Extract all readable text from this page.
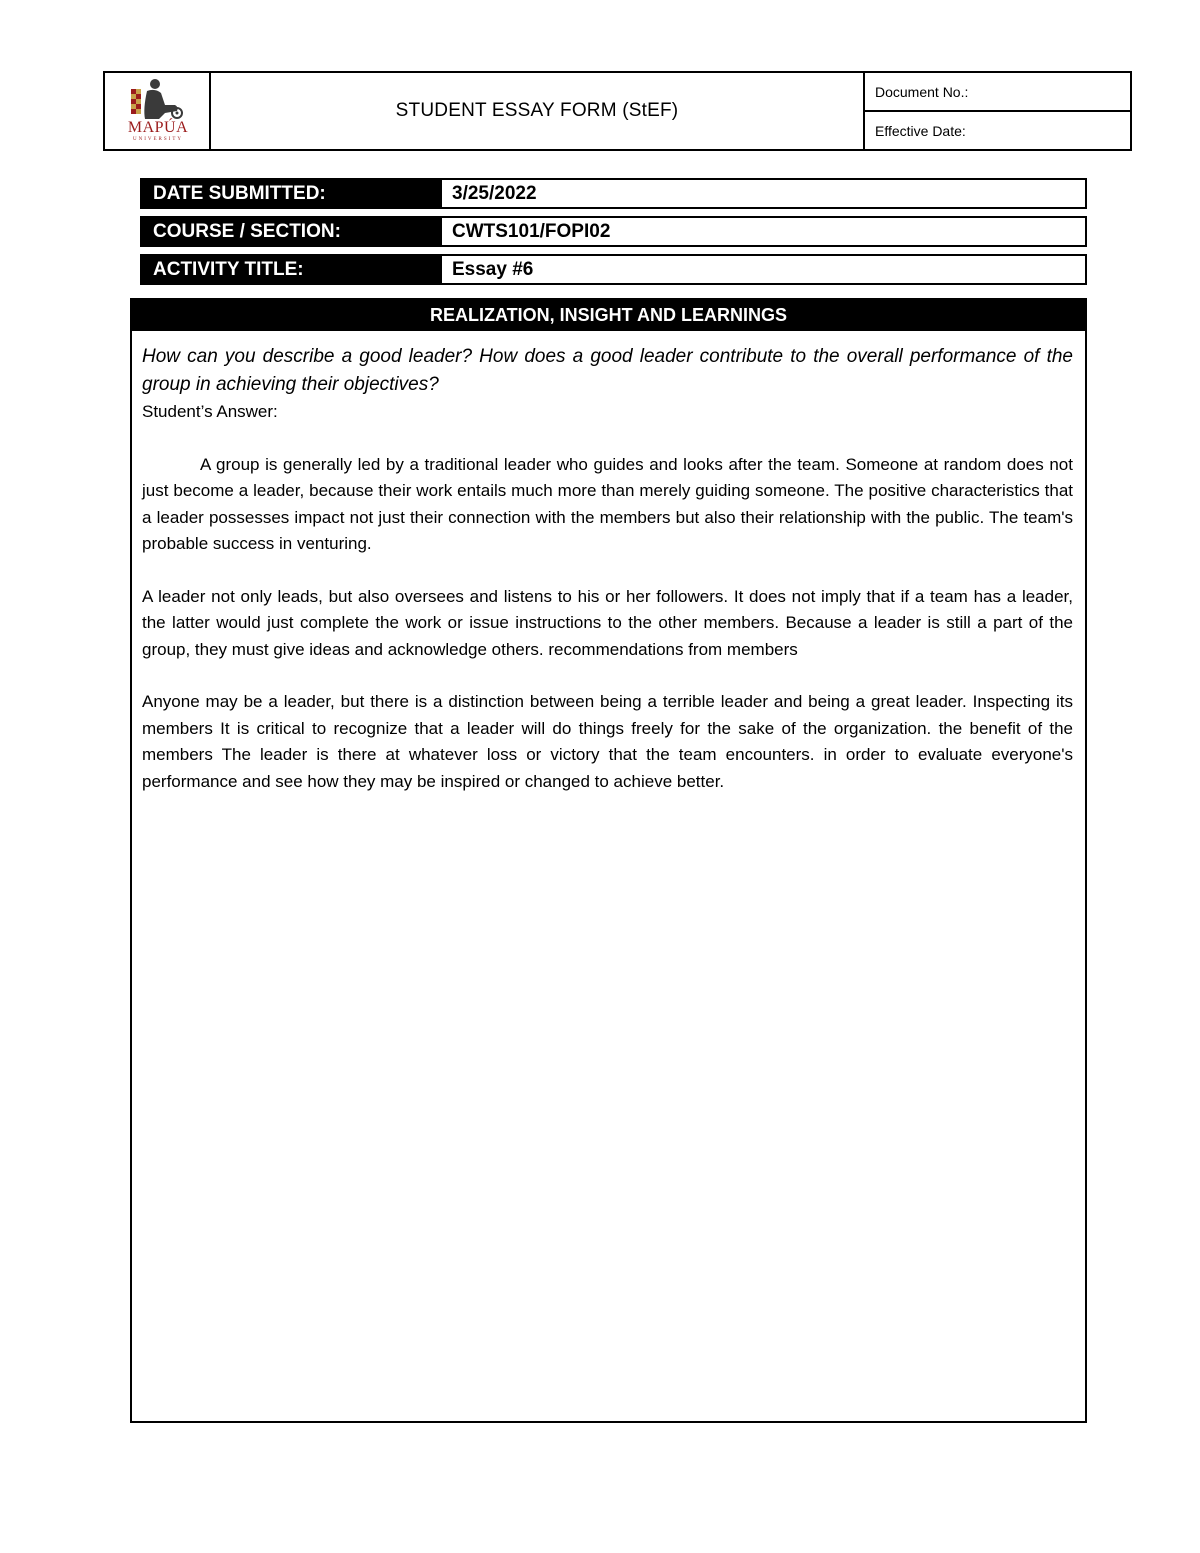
STUDENT ESSAY FORM (StEF)
Document No.:
Effective Date:
MAPÚA
UNIVERSITY
DATE SUBMITTED:	3/25/2022
COURSE / SECTION:	CWTS101/FOPI02
ACTIVITY TITLE:	Essay #6
REALIZATION, INSIGHT AND LEARNINGS
How can you describe a good leader? How does a good leader contribute to the overall performance of the group in achieving their objectives?
Student’s Answer:
A group is generally led by a traditional leader who guides and looks after the team. Someone at random does not just become a leader, because their work entails much more than merely guiding someone. The positive characteristics that a leader possesses impact not just their connection with the members but also their relationship with the public. The team's probable success in venturing.
A leader not only leads, but also oversees and listens to his or her followers. It does not imply that if a team has a leader, the latter would just complete the work or issue instructions to the other members. Because a leader is still a part of the group, they must give ideas and acknowledge others. recommendations from members
Anyone may be a leader, but there is a distinction between being a terrible leader and being a great leader. Inspecting its members It is critical to recognize that a leader will do things freely for the sake of the organization. the benefit of the members The leader is there at whatever loss or victory that the team encounters. in order to evaluate everyone's performance and see how they may be inspired or changed to achieve better.
